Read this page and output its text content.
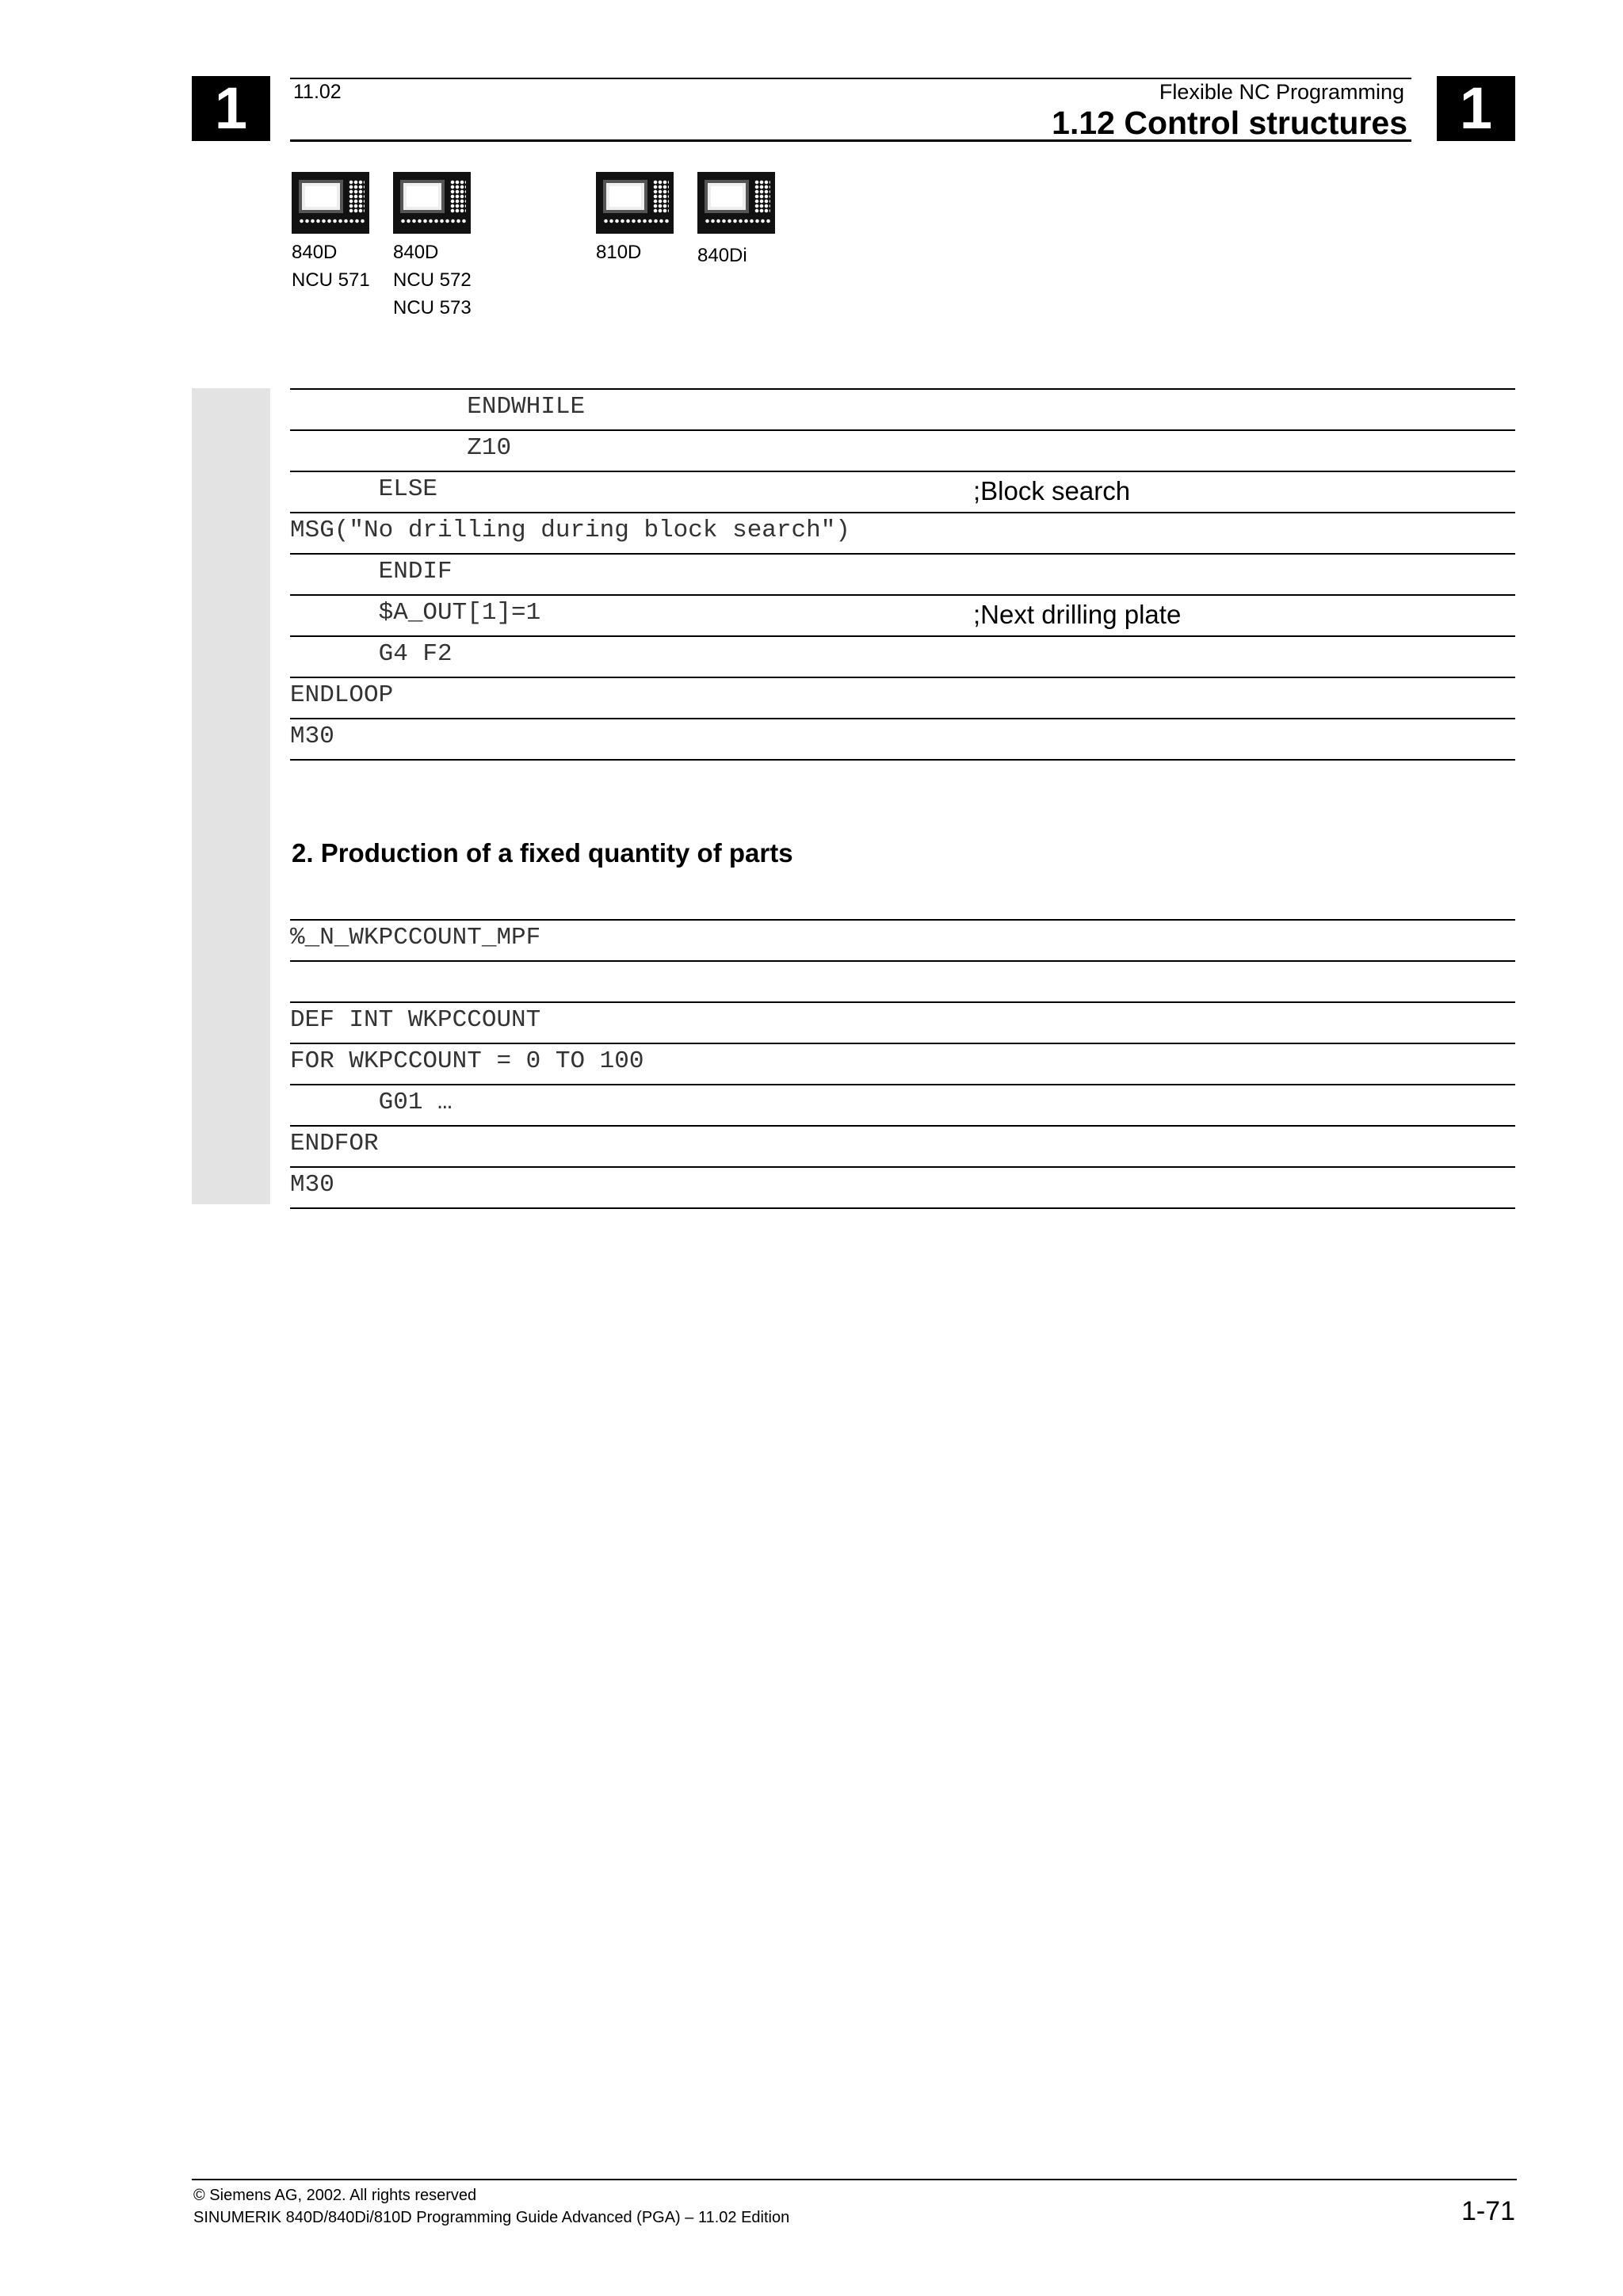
1	1
11.02	Flexible NC Programming
1.12 Control structures
840D
NCU 571
840D
NCU 572
NCU 573
810D	840Di
ENDWHILE
Z10
ELSE	;Block search
MSG("No drilling during block search")
ENDIF
$A_OUT[1]=1	;Next drilling plate
G4 F2
ENDLOOP
M30
2. Production of a fixed quantity of parts
%_N_WKPCCOUNT_MPF
DEF INT WKPCCOUNT
FOR WKPCCOUNT = 0 TO 100
G01 …
ENDFOR
M30
© Siemens AG, 2002. All rights reserved
SINUMERIK 840D/840Di/810D Programming Guide Advanced (PGA) – 11.02 Edition	1-71
